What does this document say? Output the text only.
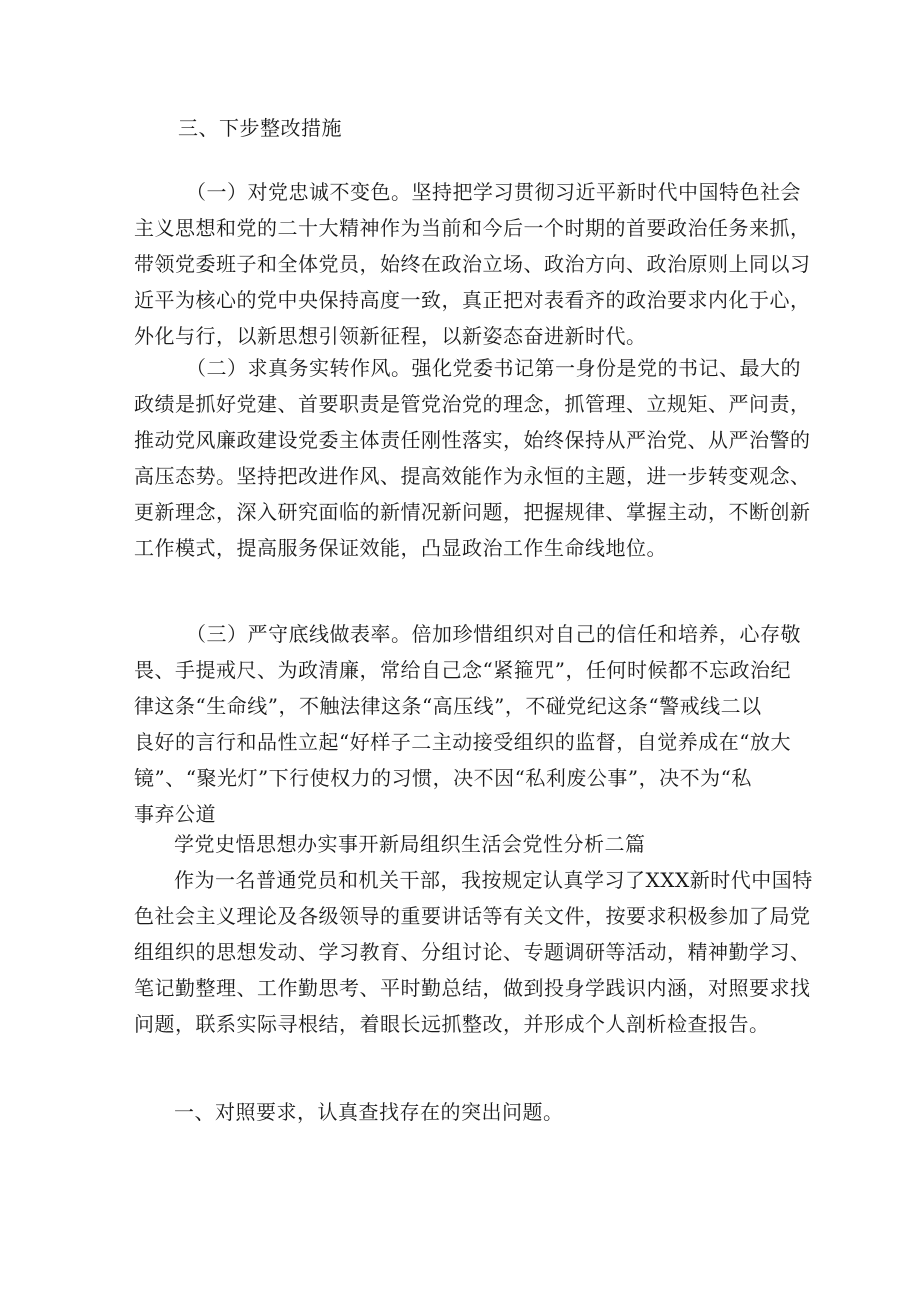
三、下步整改措施
（一）对党忠诚不变色。坚持把学习贯彻习近平新时代中国特色社会
主义思想和党的二十大精神作为当前和今后一个时期的首要政治任务来抓，
带领党委班子和全体党员，始终在政治立场、政治方向、政治原则上同以习
近平为核心的党中央保持高度一致，真正把对表看齐的政治要求内化于心，
外化与行，以新思想引领新征程，以新姿态奋进新时代。
（二）求真务实转作风。强化党委书记第一身份是党的书记、最大的
政绩是抓好党建、首要职责是管党治党的理念，抓管理、立规矩、严问责，
推动党风廉政建设党委主体责任刚性落实，始终保持从严治党、从严治警的
高压态势。坚持把改进作风、提高效能作为永恒的主题，进一步转变观念、
更新理念，深入研究面临的新情况新问题，把握规律、掌握主动，不断创新
工作模式，提高服务保证效能，凸显政治工作生命线地位。
（三）严守底线做表率。倍加珍惜组织对自己的信任和培养，心存敬
畏、手提戒尺、为政清廉，常给自己念“紧箍咒”，任何时候都不忘政治纪
律这条“生命线”，不触法律这条“高压线”，不碰党纪这条“警戒线二以
良好的言行和品性立起“好样子二主动接受组织的监督，自觉养成在“放大
镜”、“聚光灯”下行使权力的习惯，决不因“私利废公事”，决不为“私
事弃公道
学党史悟思想办实事开新局组织生活会党性分析二篇
作为一名普通党员和机关干部，我按规定认真学习了XXX新时代中国特
色社会主义理论及各级领导的重要讲话等有关文件，按要求积极参加了局党
组组织的思想发动、学习教育、分组讨论、专题调研等活动，精神勤学习、
笔记勤整理、工作勤思考、平时勤总结，做到投身学践识内涵，对照要求找
问题，联系实际寻根结，着眼长远抓整改，并形成个人剖析检查报告。
一、对照要求，认真查找存在的突出问题。
